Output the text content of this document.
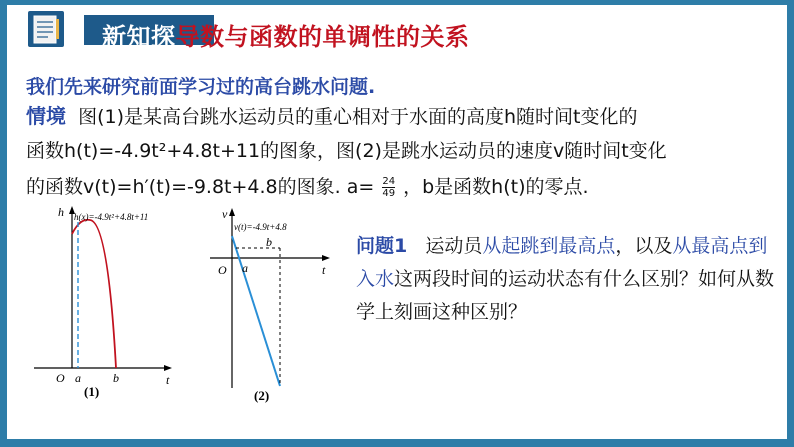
新知探导数与函数的单调性的关系
我们先来研究前面学习过的高台跳水问题.
情境 图(1)是某高台跳水运动员的重心相对于水面的高度h随时间t变化的
函数h(t)=-4.9t²+4.8t+11的图象，图(2)是跳水运动员的速度v随时间t变化
的函数v(t)=h′(t)=-9.8t+4.8的图象. $a= \frac{24}{49}$ ，b是函数h(t)的零点.
h h(x)=-4.9t²+4.8t+11
t
O a	b
(1)
v
v(t)=-4.9t+4.8
t
O a
b
(2)
问题1 运动员从起跳到最高点，以及从最高点到入水这两段时间的运动状态有什么区别？如何从数学上刻画这种区别？
